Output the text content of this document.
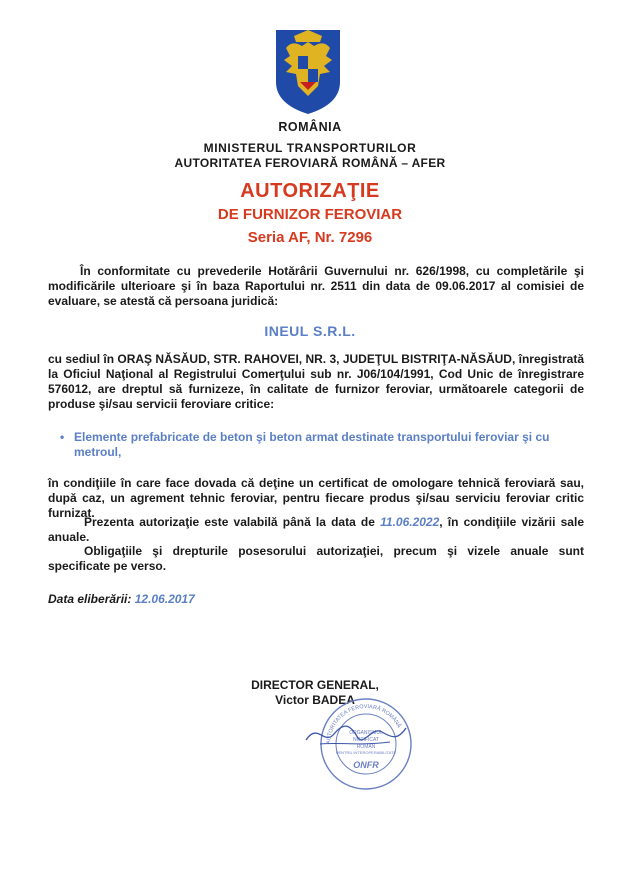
ROMÂNIA
MINISTERUL TRANSPORTURILOR
AUTORITATEA FEROVIARĂ ROMÂNĂ – AFER
AUTORIZAŢIE
DE FURNIZOR FEROVIAR
Seria AF, Nr. 7296
În conformitate cu prevederile Hotărârii Guvernului nr. 626/1998, cu completările şi modificările ulterioare şi în baza Raportului nr. 2511 din data de 09.06.2017 al comisiei de evaluare, se atestă că persoana juridică:
INEUL S.R.L.
cu sediul în ORAŞ NĂSĂUD, STR. RAHOVEI, NR. 3, JUDEŢUL BISTRIŢA-NĂSĂUD, înregistrată la Oficiul Naţional al Registrului Comerţului sub nr. J06/104/1991, Cod Unic de înregistrare 576012, are dreptul să furnizeze, în calitate de furnizor feroviar, următoarele categorii de produse şi/sau servicii feroviare critice:
• Elemente prefabricate de beton şi beton armat destinate transportului feroviar şi cu metroul,
în condiţiile în care face dovada că deţine un certificat de omologare tehnică feroviară sau, după caz, un agrement tehnic feroviar, pentru fiecare produs şi/sau serviciu feroviar critic furnizat.
Prezenta autorizaţie este valabilă până la data de 11.06.2022, în condiţiile vizării sale anuale.
Obligaţiile şi drepturile posesorului autorizaţiei, precum şi vizele anuale sunt specificate pe verso.
Data eliberării: 12.06.2017
DIRECTOR GENERAL,
Victor BADEA
AUTORITATEA FEROVIARĂ ROMÂNĂ
ORGANISMUL
NOTIFICAT
ROMAN
PENTRU INTEROPERABILITATE
ONFR
